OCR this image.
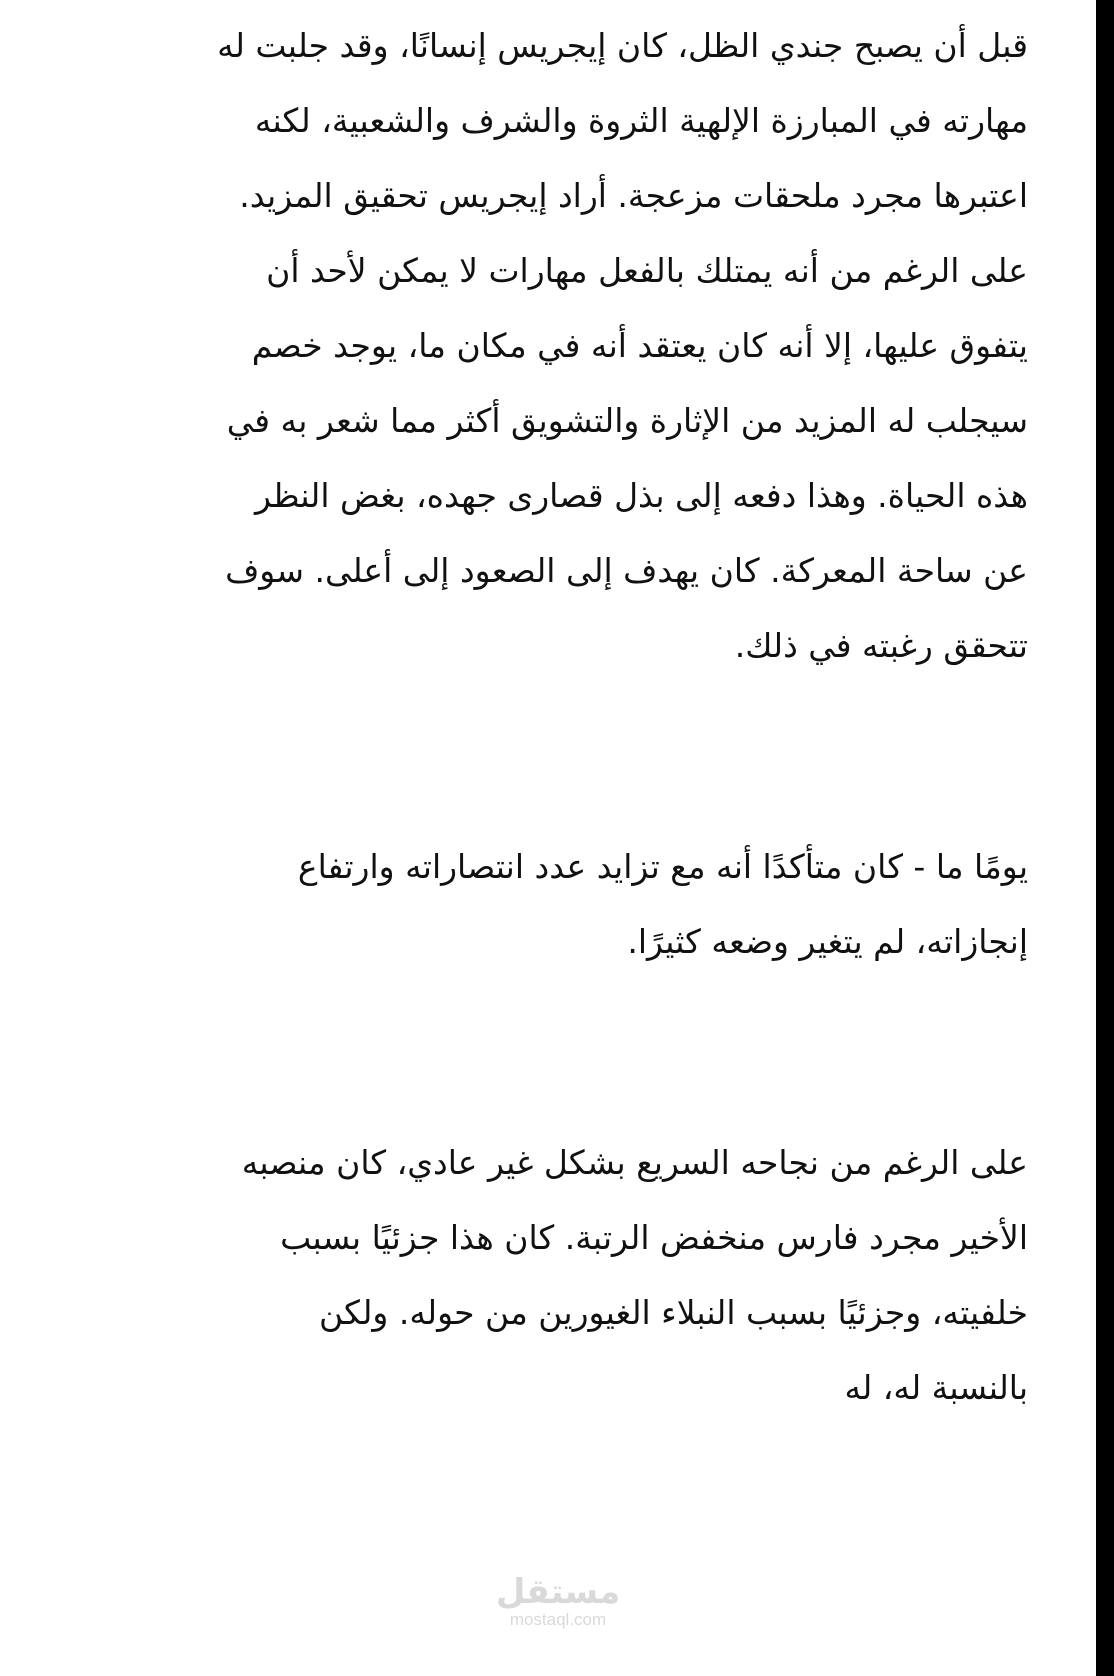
قبل أن يصبح جندي الظل، كان إيجريس إنسانًا، وقد جلبت له
مهارته في المبارزة الإلهية الثروة والشرف والشعبية، لكنه
اعتبرها مجرد ملحقات مزعجة. أراد إيجريس تحقيق المزيد.
على الرغم من أنه يمتلك بالفعل مهارات لا يمكن لأحد أن
يتفوق عليها، إلا أنه كان يعتقد أنه في مكان ما، يوجد خصم
سيجلب له المزيد من الإثارة والتشويق أكثر مما شعر به في
هذه الحياة. وهذا دفعه إلى بذل قصارى جهده، بغض النظر
عن ساحة المعركة. كان يهدف إلى الصعود إلى أعلى. سوف
تتحقق رغبته في ذلك.
يومًا ما - كان متأكدًا أنه مع تزايد عدد انتصاراته وارتفاع
إنجازاته، لم يتغير وضعه كثيرًا.
على الرغم من نجاحه السريع بشكل غير عادي، كان منصبه
الأخير مجرد فارس منخفض الرتبة. كان هذا جزئيًا بسبب
خلفيته، وجزئيًا بسبب النبلاء الغيورين من حوله. ولكن
بالنسبة له، له
مستقل
mostaql.com
